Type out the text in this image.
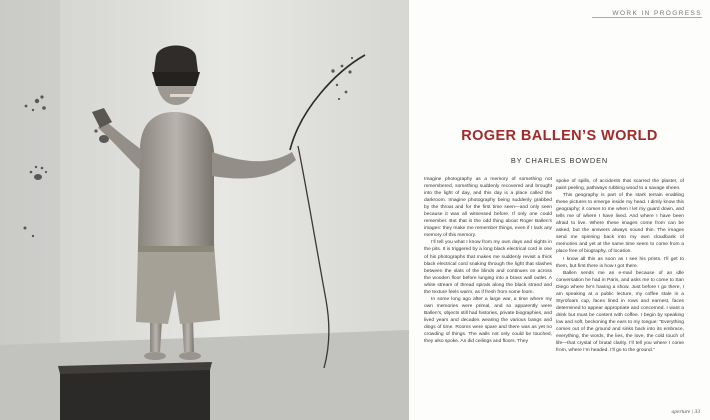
WORK IN PROGRESS
ROGER BALLEN’S WORLD
BY CHARLES BOWDEN

Imagine photography as a memory of something not remembered, something suddenly recovered and brought into the light of day, and this day is a place called the darkroom. Imagine photography being suddenly grabbed by the throat and for the first time seen—and only seen because it was all witnessed before. If only one could remember. But that is the odd thing about Roger Ballen’s images: they make me remember things, even if I lack any memory of this memory.

I’ll tell you what I know from my own days and nights in the pits. It is triggered by a long black electrical cord in one of his photographs that makes me suddenly revisit a thick black electrical cord snaking through the light that slashes between the slats of the blinds and continues on across the wooden floor before lunging into a brass wall outlet. A white stream of thread spirals along the black strand and the texture feels warm, as if fresh from some loom.

In some long ago after a large war, a time where my own memories were primal, and so apparently were Ballen’s, objects still had histories, private biographies, and lived years and decades wearing the various bangs and dings of time. Rooms were spare and there was as yet no crowding of things. The walls not only could be touched, they also spoke. As did ceilings and floors. They

spoke of spills, of accidents that scarred the plaster, of paint peeling, pathways rubbing wood to a savage sheen.

This geography is part of the stark terrain enabling these pictures to emerge inside my head. I dimly know this geography; it comes to me when I let my guard down, and tells me of where I have lived. And where I have been afraid to live. Where these images come from can be asked, but the answers always sound thin. The images send me spinning back into my own cloudbank of memories and yet at the same time seem to come from a place free of biography, of location.

I know all this as soon as I see his prints. I’ll get to them, but first there is how I got there.

Ballen sends me an e-mail because of an idle conversation he had in Paris, and asks me to come to San Diego where he’s having a show. Just before I go there, I am speaking at a public lecture, my coffee stale in a Styrofoam cup, faces lined in rows and earnest, faces determined to appear appropriate and concerned. I want a drink but must be content with coffee. I begin by speaking low and soft, beckoning the ears to my tongue: “Everything comes out of the ground and sinks back into its embrace, everything, the words, the lies, the love, the cold touch of life—that crystal of brutal clarity. I’ll tell you where I come from, where I’m headed. I’ll go to the ground.”

aperture | 33
